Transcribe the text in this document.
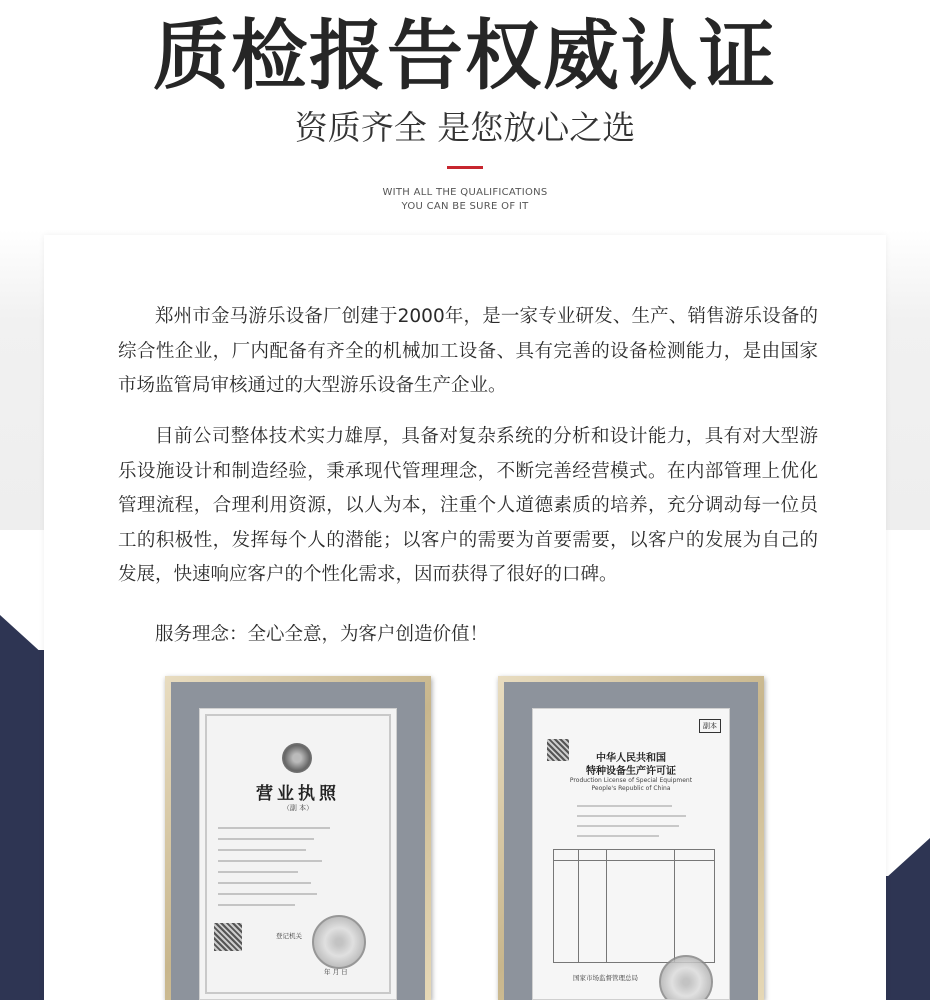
质检报告权威认证
资质齐全 是您放心之选
WITH ALL THE QUALIFICATIONS
YOU CAN BE SURE OF IT

郑州市金马游乐设备厂创建于2000年，是一家专业研发、生产、销售游乐设备的综合性企业，厂内配备有齐全的机械加工设备、具有完善的设备检测能力，是由国家市场监管局审核通过的大型游乐设备生产企业。

目前公司整体技术实力雄厚，具备对复杂系统的分析和设计能力，具有对大型游乐设施设计和制造经验，秉承现代管理理念，不断完善经营模式。在内部管理上优化管理流程，合理利用资源，以人为本，注重个人道德素质的培养，充分调动每一位员工的积极性，发挥每个人的潜能；以客户的需要为首要需要，以客户的发展为自己的发展，快速响应客户的个性化需求，因而获得了很好的口碑。

服务理念：全心全意，为客户创造价值！

营业执照
（副 本）
登记机关
年 月 日
副本
中华人民共和国
特种设备生产许可证
Production License of Special Equipment
People's Republic of China
国家市场监督管理总局
